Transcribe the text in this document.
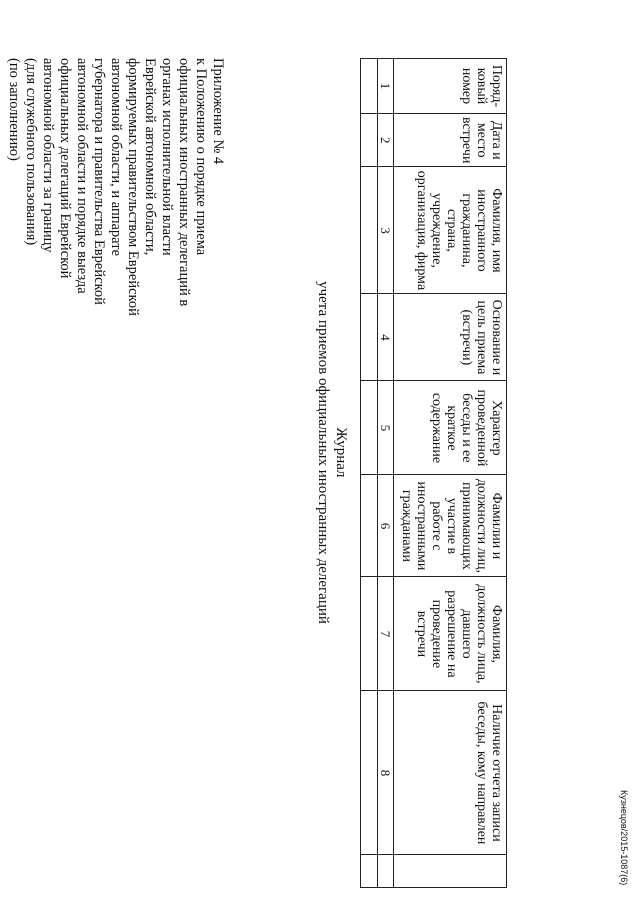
Кузнецов/2015-1087(6)
Приложение № 4
к Положению о порядке приема
официальных иностранных делегаций в
органах исполнительной власти
Еврейской автономной области,
формируемых правительством Еврейской
автономной области, и аппарате
губернатора и правительства Еврейской
автономной области и порядке выезда
официальных делегаций Еврейской
автономной области за границу
(для служебного пользования)
(по заполнению)
Журнал
учета приемов официальных иностранных делегаций
Поряд-ковый номер	Дата и место встречи	Фамилия, имя иностранного гражданина, страна, учреждение, организация, фирма	Основание и цель приема (встречи)	Характер проведенной беседы и ее краткое содержание	Фамилии и должности лиц, принимающих участие в работе с иностранными гражданами	Фамилия, должность лица, давшего разрешение на проведение встречи	Наличие отчета записи беседы, кому направлен	
1	2	3	4	5	6	7	8	
